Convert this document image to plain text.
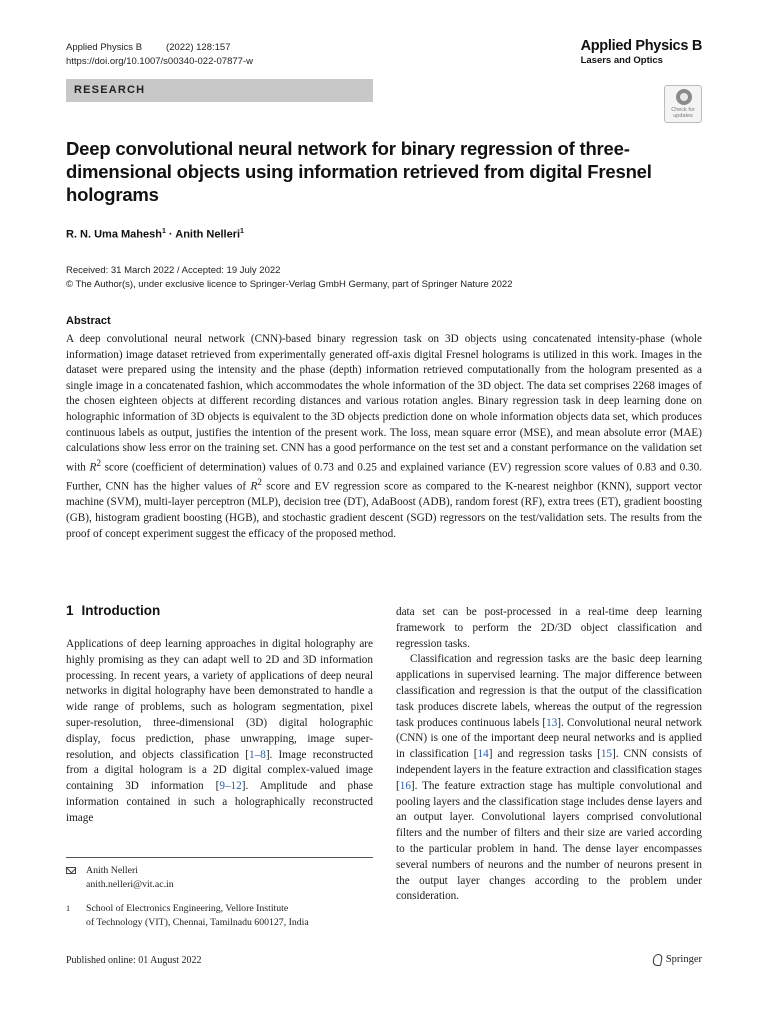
Applied Physics B	(2022) 128:157
https://doi.org/10.1007/s00340-022-07877-w
Applied Physics B
Lasers and Optics
RESEARCH
Check for
updates
Deep convolutional neural network for binary regression of three-dimensional objects using information retrieved from digital Fresnel holograms
R. N. Uma Mahesh$^1$ · Anith Nelleri$^1$
Received: 31 March 2022 / Accepted: 19 July 2022
© The Author(s), under exclusive licence to Springer-Verlag GmbH Germany, part of Springer Nature 2022
Abstract

A deep convolutional neural network (CNN)-based binary regression task on 3D objects using concatenated intensity-phase (whole information) image dataset retrieved from experimentally generated off-axis digital Fresnel holograms is utilized in this work. Images in the dataset were prepared using the intensity and the phase (depth) information retrieved computationally from the hologram presented as a single image in a concatenated fashion, which accommodates the whole information of the 3D object. The data set comprises 2268 images of the chosen eighteen objects at different recording distances and various rotation angles. Binary regression task in deep learning done on holographic information of 3D objects is equivalent to the 3D objects prediction done on whole information objects data set, which produces continuous labels as output, justifies the intention of the present work. The loss, mean square error (MSE), and mean absolute error (MAE) calculations show less error on the training set. CNN has a good performance on the test set and a constant performance on the validation set with $R^2$ score (coefficient of determination) values of 0.73 and 0.25 and explained variance (EV) regression score values of 0.83 and 0.30. Further, CNN has the higher values of $R^2$ score and EV regression score as compared to the K-nearest neighbor (KNN), support vector machine (SVM), multi-layer perceptron (MLP), decision tree (DT), AdaBoost (ADB), random forest (RF), extra trees (ET), gradient boosting (GB), histogram gradient boosting (HGB), and stochastic gradient descent (SGD) regressors on the test/validation sets. The results from the proof of concept experiment suggest the efficacy of the proposed method.

1 Introduction

Applications of deep learning approaches in digital holography are highly promising as they can adapt well to 2D and 3D information processing. In recent years, a variety of applications of deep neural networks in digital holography have been demonstrated to handle a wide range of problems, such as hologram segmentation, pixel super-resolution, three-dimensional (3D) digital holographic display, focus prediction, phase unwrapping, image super-resolution, and objects classification [1–8]. Image reconstructed from a digital hologram is a 2D digital complex-valued image containing 3D information [9–12]. Amplitude and phase information contained in such a holographically reconstructed image

data set can be post-processed in a real-time deep learning framework to perform the 2D/3D object classification and regression tasks.

Classification and regression tasks are the basic deep learning applications in supervised learning. The major difference between classification and regression is that the output of the classification task produces discrete labels, whereas the output of the regression task produces continuous labels [13]. Convolutional neural network (CNN) is one of the important deep neural networks and is applied in classification [14] and regression tasks [15]. CNN consists of independent layers in the feature extraction and classification stages [16]. The feature extraction stage has multiple convolutional and pooling layers and the classification stage includes dense layers and an output layer. Convolutional layers comprised convolutional filters and the number of filters and their size are varied according to the particular problem in hand. The dense layer encompasses several numbers of neurons and the number of neurons present in the output layer changes according to the problem under consideration.

Anith Nelleri
anith.nelleri@vit.ac.in
$^1$ School of Electronics Engineering, Vellore Institute
of Technology (VIT), Chennai, Tamilnadu 600127, India
Published online: 01 August 2022	Springer
